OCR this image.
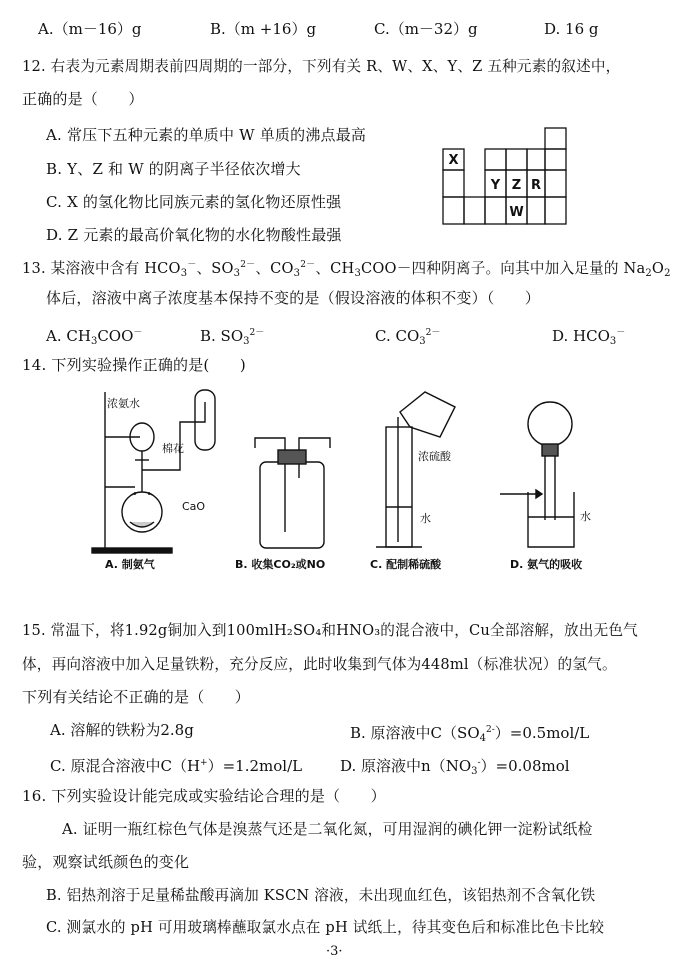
A.（m－16）g	B.（m +16）g	C.（m－32）g	D. 16 g
12. 右表为元素周期表前四周期的一部分，下列有关 R、W、X、Y、Z 五种元素的叙述中，
正确的是（　　）
A. 常压下五种元素的单质中 W 单质的沸点最高
B. Y、Z 和 W 的阴离子半径依次增大
C. X 的氢化物比同族元素的氢化物还原性强
D. Z 元素的最高价氧化物的水化物酸性最强
X
Y Z R
W
13. 某溶液中含有 $HCO_3^-$、$SO_3^{2-}$、$CO_3^{2-}$、$CH_3COO-$四种阴离子。向其中加入足量的 $Na_2O_2$
体后，溶液中离子浓度基本保持不变的是（假设溶液的体积不变）（　　）
A. $CH_3COO^-$	B. $SO_3^{2-}$	C. $CO_3^{2-}$	D. $HCO_3^-$
14. 下列实验操作正确的是(　　)
浓氨水
棉花
CaO
A. 制氨气	B. 收集CO₂或NO
浓硫酸
水
C. 配制稀硫酸
水
D. 氨气的吸收
15. 常温下，将1.92g铜加入到100mlH₂SO₄和HNO₃的混合液中，Cu全部溶解，放出无色气
体，再向溶液中加入足量铁粉，充分反应，此时收集到气体为448ml（标准状况）的氢气。
下列有关结论不正确的是（　　）
A. 溶解的铁粉为2.8g	B. 原溶液中$C(SO_4^{2-})=0.5mol/L$
C. 原混合溶液中C（H+）=1.2mol/L	D. 原溶液中$n(NO_3^-)=0.08mol$
16. 下列实验设计能完成或实验结论合理的是（　　）
A. 证明一瓶红棕色气体是溴蒸气还是二氧化氮，可用湿润的碘化钾一淀粉试纸检
验，观察试纸颜色的变化
B. 铝热剂溶于足量稀盐酸再滴加 KSCN 溶液，未出现血红色，该铝热剂不含氧化铁
C. 测氯水的 pH 可用玻璃棒蘸取氯水点在 pH 试纸上，待其变色后和标准比色卡比较
·3·
